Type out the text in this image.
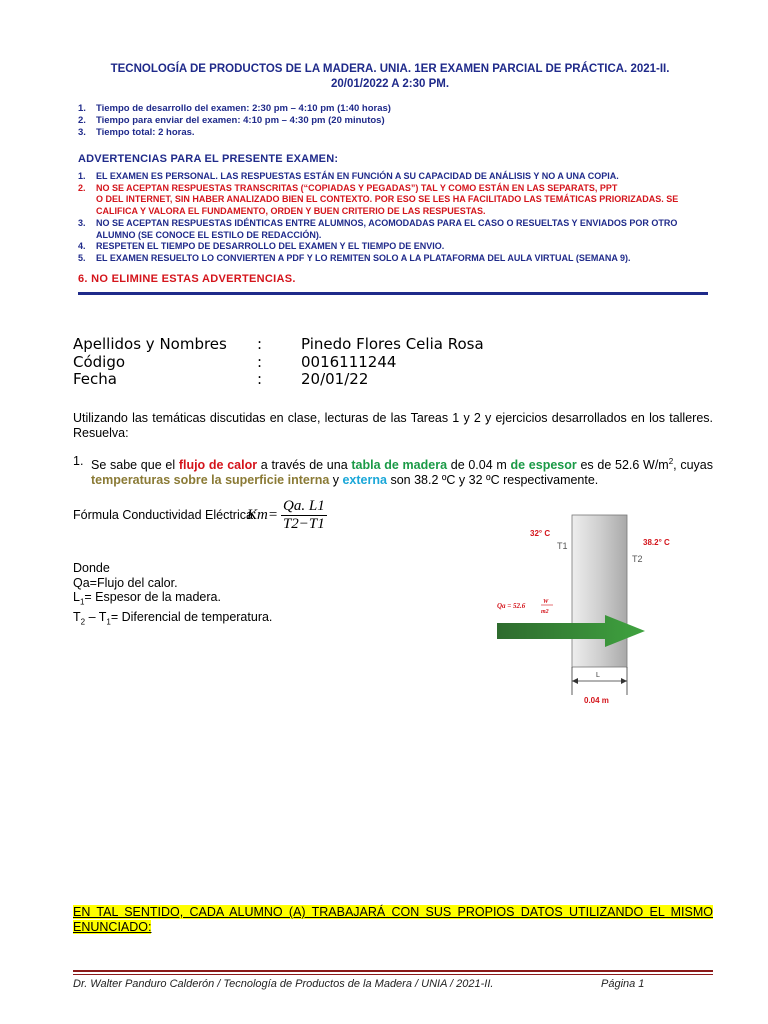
TECNOLOGÍA DE PRODUCTOS DE LA MADERA. UNIA. 1ER EXAMEN PARCIAL DE PRÁCTICA. 2021-II.
20/01/2022 A 2:30 PM.
1.	Tiempo de desarrollo del examen: 2:30 pm – 4:10 pm (1:40 horas)
2.	Tiempo para enviar del examen: 4:10 pm – 4:30 pm (20 minutos)
3.	Tiempo total: 2 horas.
ADVERTENCIAS PARA EL PRESENTE EXAMEN:
1.	EL EXAMEN ES PERSONAL. LAS RESPUESTAS ESTÁN EN FUNCIÓN A SU CAPACIDAD DE ANÁLISIS Y NO A UNA COPIA.
2.	NO SE ACEPTAN RESPUESTAS TRANSCRITAS (“COPIADAS Y PEGADAS”) TAL Y COMO ESTÁN EN LAS SEPARATS, PPT
O DEL INTERNET, SIN HABER ANALIZADO BIEN EL CONTEXTO. POR ESO SE LES HA FACILITADO LAS TEMÁTICAS PRIORIZADAS. SE
CALIFICA Y VALORA EL FUNDAMENTO, ORDEN Y BUEN CRITERIO DE LAS RESPUESTAS.
3.	NO SE ACEPTAN RESPUESTAS IDÉNTICAS ENTRE ALUMNOS, ACOMODADAS PARA EL CASO O RESUELTAS Y ENVIADOS POR OTRO
ALUMNO (SE CONOCE EL ESTILO DE REDACCIÓN).
4.	RESPETEN EL TIEMPO DE DESARROLLO DEL EXAMEN Y EL TIEMPO DE ENVIO.
5.	EL EXAMEN RESUELTO LO CONVIERTEN A PDF Y LO REMITEN SOLO A LA PLATAFORMA DEL AULA VIRTUAL (SEMANA 9).
6. NO ELIMINE ESTAS ADVERTENCIAS.
Apellidos y Nombres	:	Pinedo Flores Celia Rosa
Código	:	0016111244
Fecha	:	20/01/22
Utilizando las temáticas discutidas en clase, lecturas de las Tareas 1 y 2 y ejercicios desarrollados en los talleres. Resuelva:
1. Se sabe que el flujo de calor a través de una tabla de madera de 0.04 m de espesor es de 52.6 $W/m^2$, cuyas temperaturas sobre la superficie interna y externa son 38.2 ºC y 32 ºC respectivamente.
Fórmula Conductividad Eléctrica:
$Km= \frac{Qa. L1}{T2-T1}$
Donde
Qa=Flujo del calor.
$L_1=$ Espesor de la madera.
$T_2 - T_1=$ Diferencial de temperatura.
32° C
T1	38.2° C
T2
Qa = 52.6	W
m2
L
0.04 m
EN TAL SENTIDO, CADA ALUMNO (A) TRABAJARÁ CON SUS PROPIOS DATOS UTILIZANDO EL MISMO ENUNCIADO:
Dr. Walter Panduro Calderón / Tecnología de Productos de la Madera / UNIA / 2021-II.	Página 1
